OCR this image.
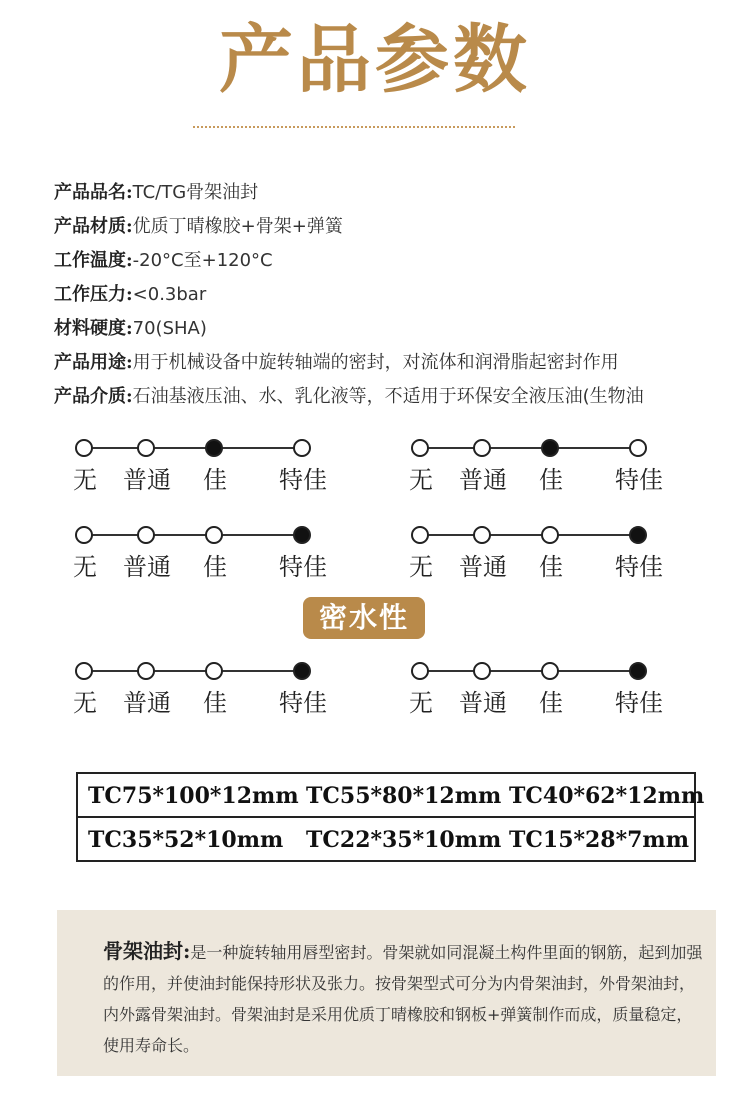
产品参数
产品品名:TC/TG骨架油封
产品材质:优质丁晴橡胶+骨架+弹簧
工作温度:-20°C至+120°C
工作压力:<0.3bar
材料硬度:70(SHA)
产品用途:用于机械设备中旋转轴端的密封，对流体和润滑脂起密封作用
产品介质:石油基液压油、水、乳化液等，不适用于环保安全液压油(生物油
无 普通 佳 特佳	无 普通 佳 特佳
无 普通 佳 特佳	无 普通 佳 特佳
无 普通 佳 特佳	无 普通 佳 特佳
密水性
TC75*100*12mm TC55*80*12mm TC40*62*12mm
TC35*52*10mm TC22*35*10mm TC15*28*7mm

骨架油封:是一种旋转轴用唇型密封。骨架就如同混凝土构件里面的钢筋，起到加强的作用，并使油封能保持形状及张力。按骨架型式可分为内骨架油封，外骨架油封，内外露骨架油封。骨架油封是采用优质丁晴橡胶和钢板+弹簧制作而成，质量稳定，使用寿命长。
